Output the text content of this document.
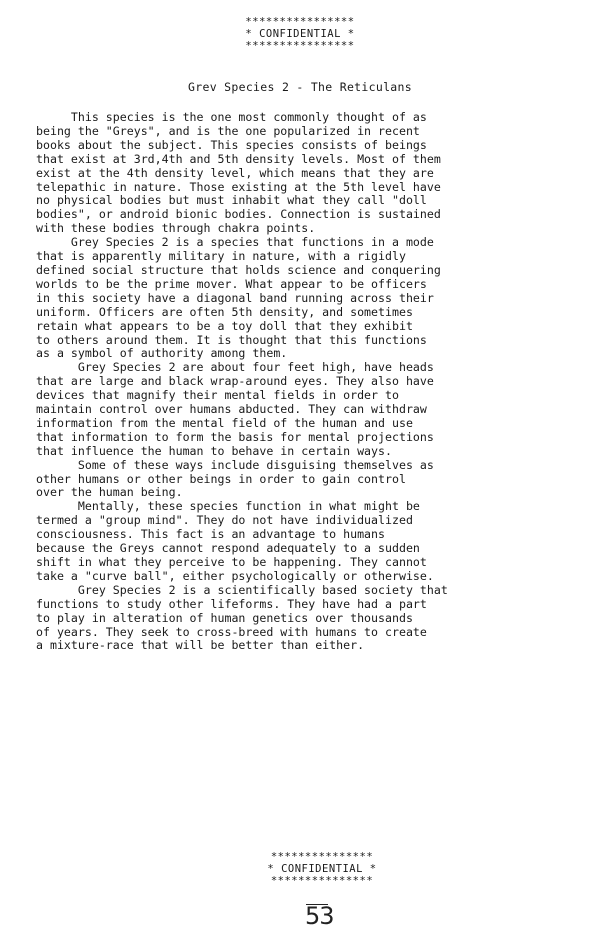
****************
* CONFIDENTIAL *
****************
Grev Species 2 - The Reticulans
This species is the one most commonly thought of as
being the "Greys", and is the one popularized in recent
books about the subject. This species consists of beings
that exist at 3rd,4th and 5th density levels. Most of them
exist at the 4th density level, which means that they are
telepathic in nature. Those existing at the 5th level have
no physical bodies but must inhabit what they call "doll
bodies", or android bionic bodies. Connection is sustained
with these bodies through chakra points.
Grey Species 2 is a species that functions in a mode
that is apparently military in nature, with a rigidly
defined social structure that holds science and conquering
worlds to be the prime mover. What appear to be officers
in this society have a diagonal band running across their
uniform. Officers are often 5th density, and sometimes
retain what appears to be a toy doll that they exhibit
to others around them. It is thought that this functions
as a symbol of authority among them.
Grey Species 2 are about four feet high, have heads
that are large and black wrap-around eyes. They also have
devices that magnify their mental fields in order to
maintain control over humans abducted. They can withdraw
information from the mental field of the human and use
that information to form the basis for mental projections
that influence the human to behave in certain ways.
Some of these ways include disguising themselves as
other humans or other beings in order to gain control
over the human being.
Mentally, these species function in what might be
termed a "group mind". They do not have individualized
consciousness. This fact is an advantage to humans
because the Greys cannot respond adequately to a sudden
shift in what they perceive to be happening. They cannot
take a "curve ball", either psychologically or otherwise.
Grey Species 2 is a scientifically based society that
functions to study other lifeforms. They have had a part
to play in alteration of human genetics over thousands
of years. They seek to cross-breed with humans to create
a mixture-race that will be better than either.
***************
* CONFIDENTIAL *
***************
53
